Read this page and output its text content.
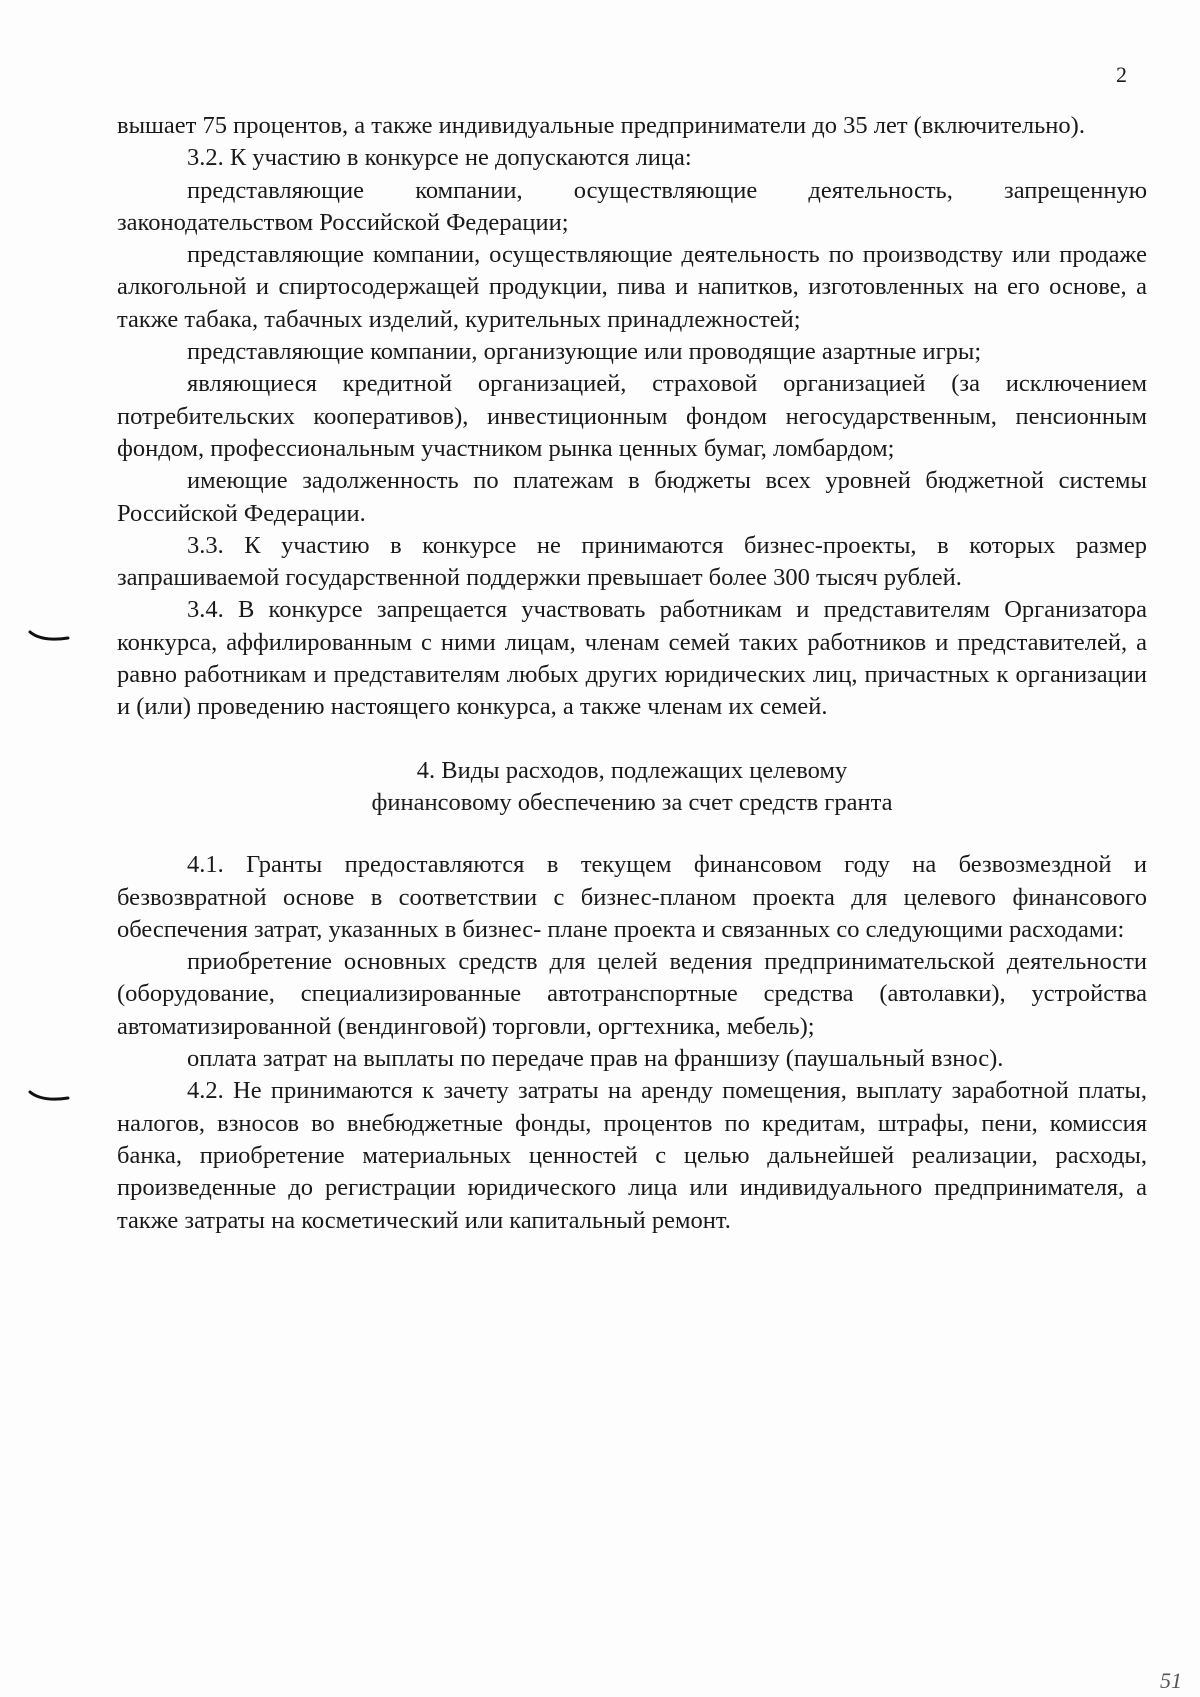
2

вышает 75 процентов, а также индивидуальные предприниматели до 35 лет (включительно).

3.2. К участию в конкурсе не допускаются лица:

представляющие компании, осуществляющие деятельность, запрещенную законодательством Российской Федерации;

представляющие компании, осуществляющие деятельность по производству или продаже алкогольной и спиртосодержащей продукции, пива и напитков, изготовленных на его основе, а также табака, табачных изделий, курительных принадлежностей;

представляющие компании, организующие или проводящие азартные игры;

являющиеся кредитной организацией, страховой организацией (за исключением потребительских кооперативов), инвестиционным фондом негосударственным, пенсионным фондом, профессиональным участником рынка ценных бумаг, ломбардом;

имеющие задолженность по платежам в бюджеты всех уровней бюджетной системы Российской Федерации.

3.3. К участию в конкурсе не принимаются бизнес-проекты, в которых размер запрашиваемой государственной поддержки превышает более 300 тысяч рублей.

3.4. В конкурсе запрещается участвовать работникам и представителям Организатора конкурса, аффилированным с ними лицам, членам семей таких работников и представителей, а равно работникам и представителям любых других юридических лиц, причастных к организации и (или) проведению настоящего конкурса, а также членам их семей.

4. Виды расходов, подлежащих целевому
финансовому обеспечению за счет средств гранта

4.1. Гранты предоставляются в текущем финансовом году на безвозмездной и безвозвратной основе в соответствии с бизнес-планом проекта для целевого финансового обеспечения затрат, указанных в бизнес- плане проекта и связанных со следующими расходами:

приобретение основных средств для целей ведения предпринимательской деятельности (оборудование, специализированные автотранспортные средства (автолавки), устройства автоматизированной (вендинговой) торговли, оргтехника, мебель);

оплата затрат на выплаты по передаче прав на франшизу (паушальный взнос).

4.2. Не принимаются к зачету затраты на аренду помещения, выплату заработной платы, налогов, взносов во внебюджетные фонды, процентов по кредитам, штрафы, пени, комиссия банка, приобретение материальных ценностей с целью дальнейшей реализации, расходы, произведенные до регистрации юридического лица или индивидуального предпринимателя, а также затраты на косметический или капитальный ремонт.

51
